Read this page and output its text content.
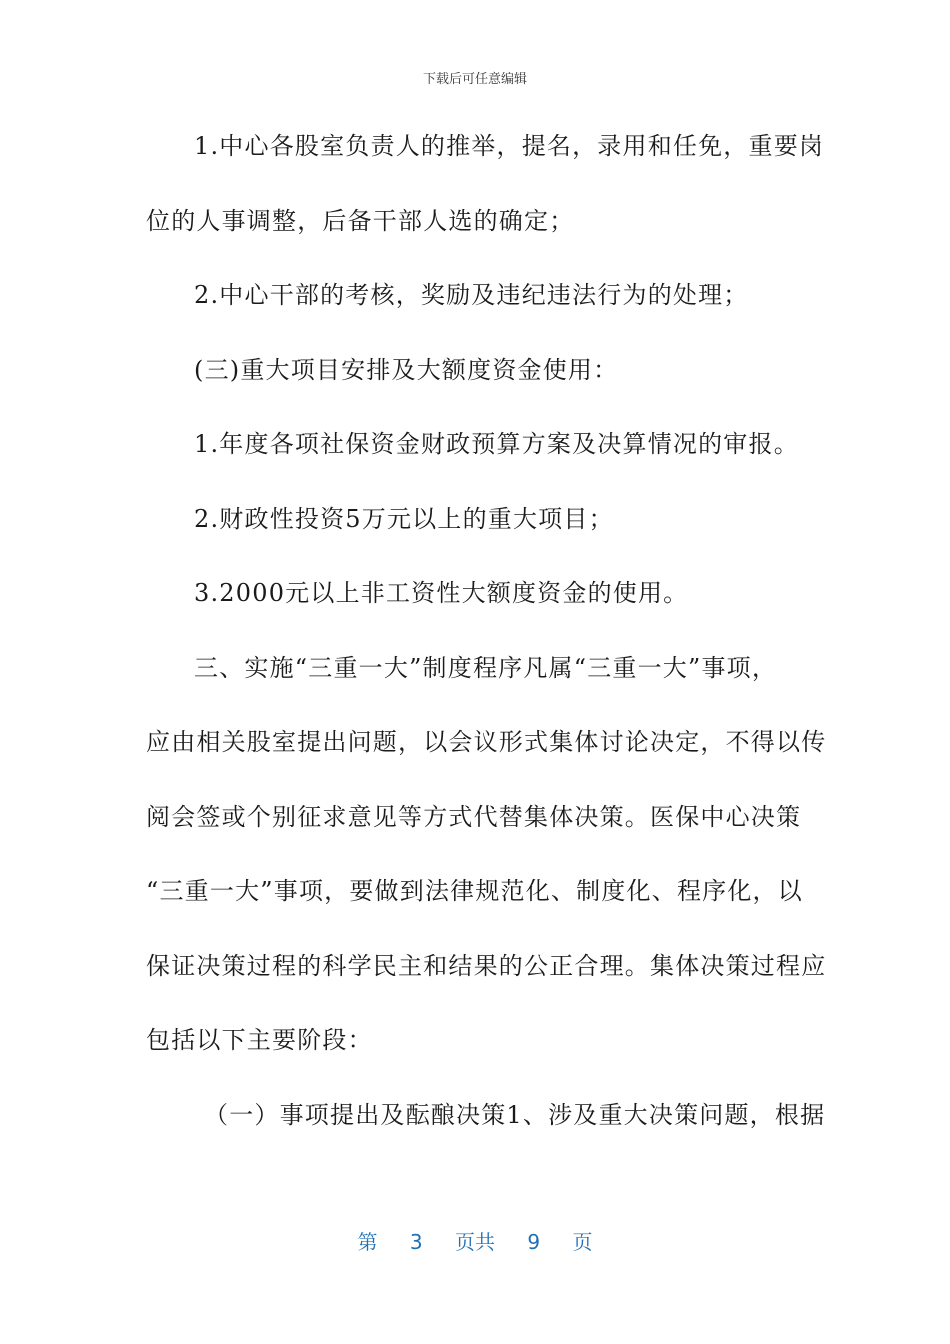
下载后可任意编辑
1.中心各股室负责人的推举，提名，录用和任免，重要岗
位的人事调整，后备干部人选的确定；
2.中心干部的考核，奖励及违纪违法行为的处理；
(三)重大项目安排及大额度资金使用：
1.年度各项社保资金财政预算方案及决算情况的审报。
2.财政性投资5万元以上的重大项目；
3.2000元以上非工资性大额度资金的使用。
三、实施“三重一大”制度程序凡属“三重一大”事项，
应由相关股室提出问题，以会议形式集体讨论决定，不得以传
阅会签或个别征求意见等方式代替集体决策。医保中心决策
“三重一大”事项，要做到法律规范化、制度化、程序化，以
保证决策过程的科学民主和结果的公正合理。集体决策过程应
包括以下主要阶段：
（一）事项提出及酝酿决策1、涉及重大决策问题，根据
第 3 页共 9 页
